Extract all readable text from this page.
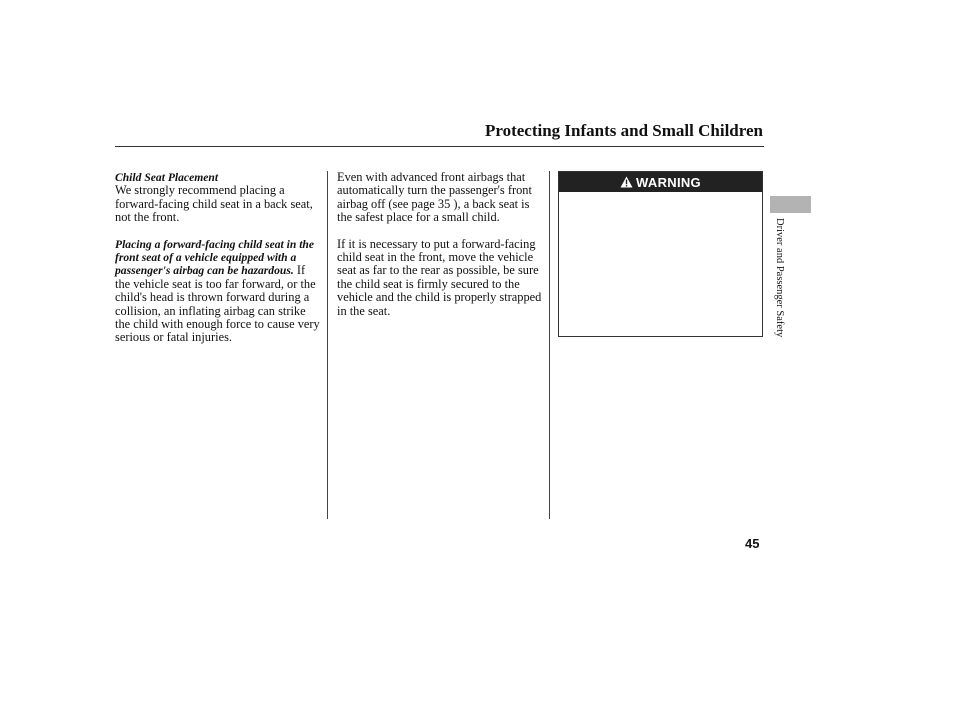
Protecting Infants and Small Children
Child Seat Placement

We strongly recommend placing a forward-facing child seat in a back seat, not the front.

Placing a forward-facing child seat in the front seat of a vehicle equipped with a passenger's airbag can be hazardous. If the vehicle seat is too far forward, or the child's head is thrown forward during a collision, an inflating airbag can strike the child with enough force to cause very serious or fatal injuries.

Even with advanced front airbags that automatically turn the passenger's front airbag off (see page 35 ), a back seat is the safest place for a small child.

If it is necessary to put a forward-facing child seat in the front, move the vehicle seat as far to the rear as possible, be sure the child seat is firmly secured to the vehicle and the child is properly strapped in the seat.

WARNING
Driver and Passenger Safety
45
